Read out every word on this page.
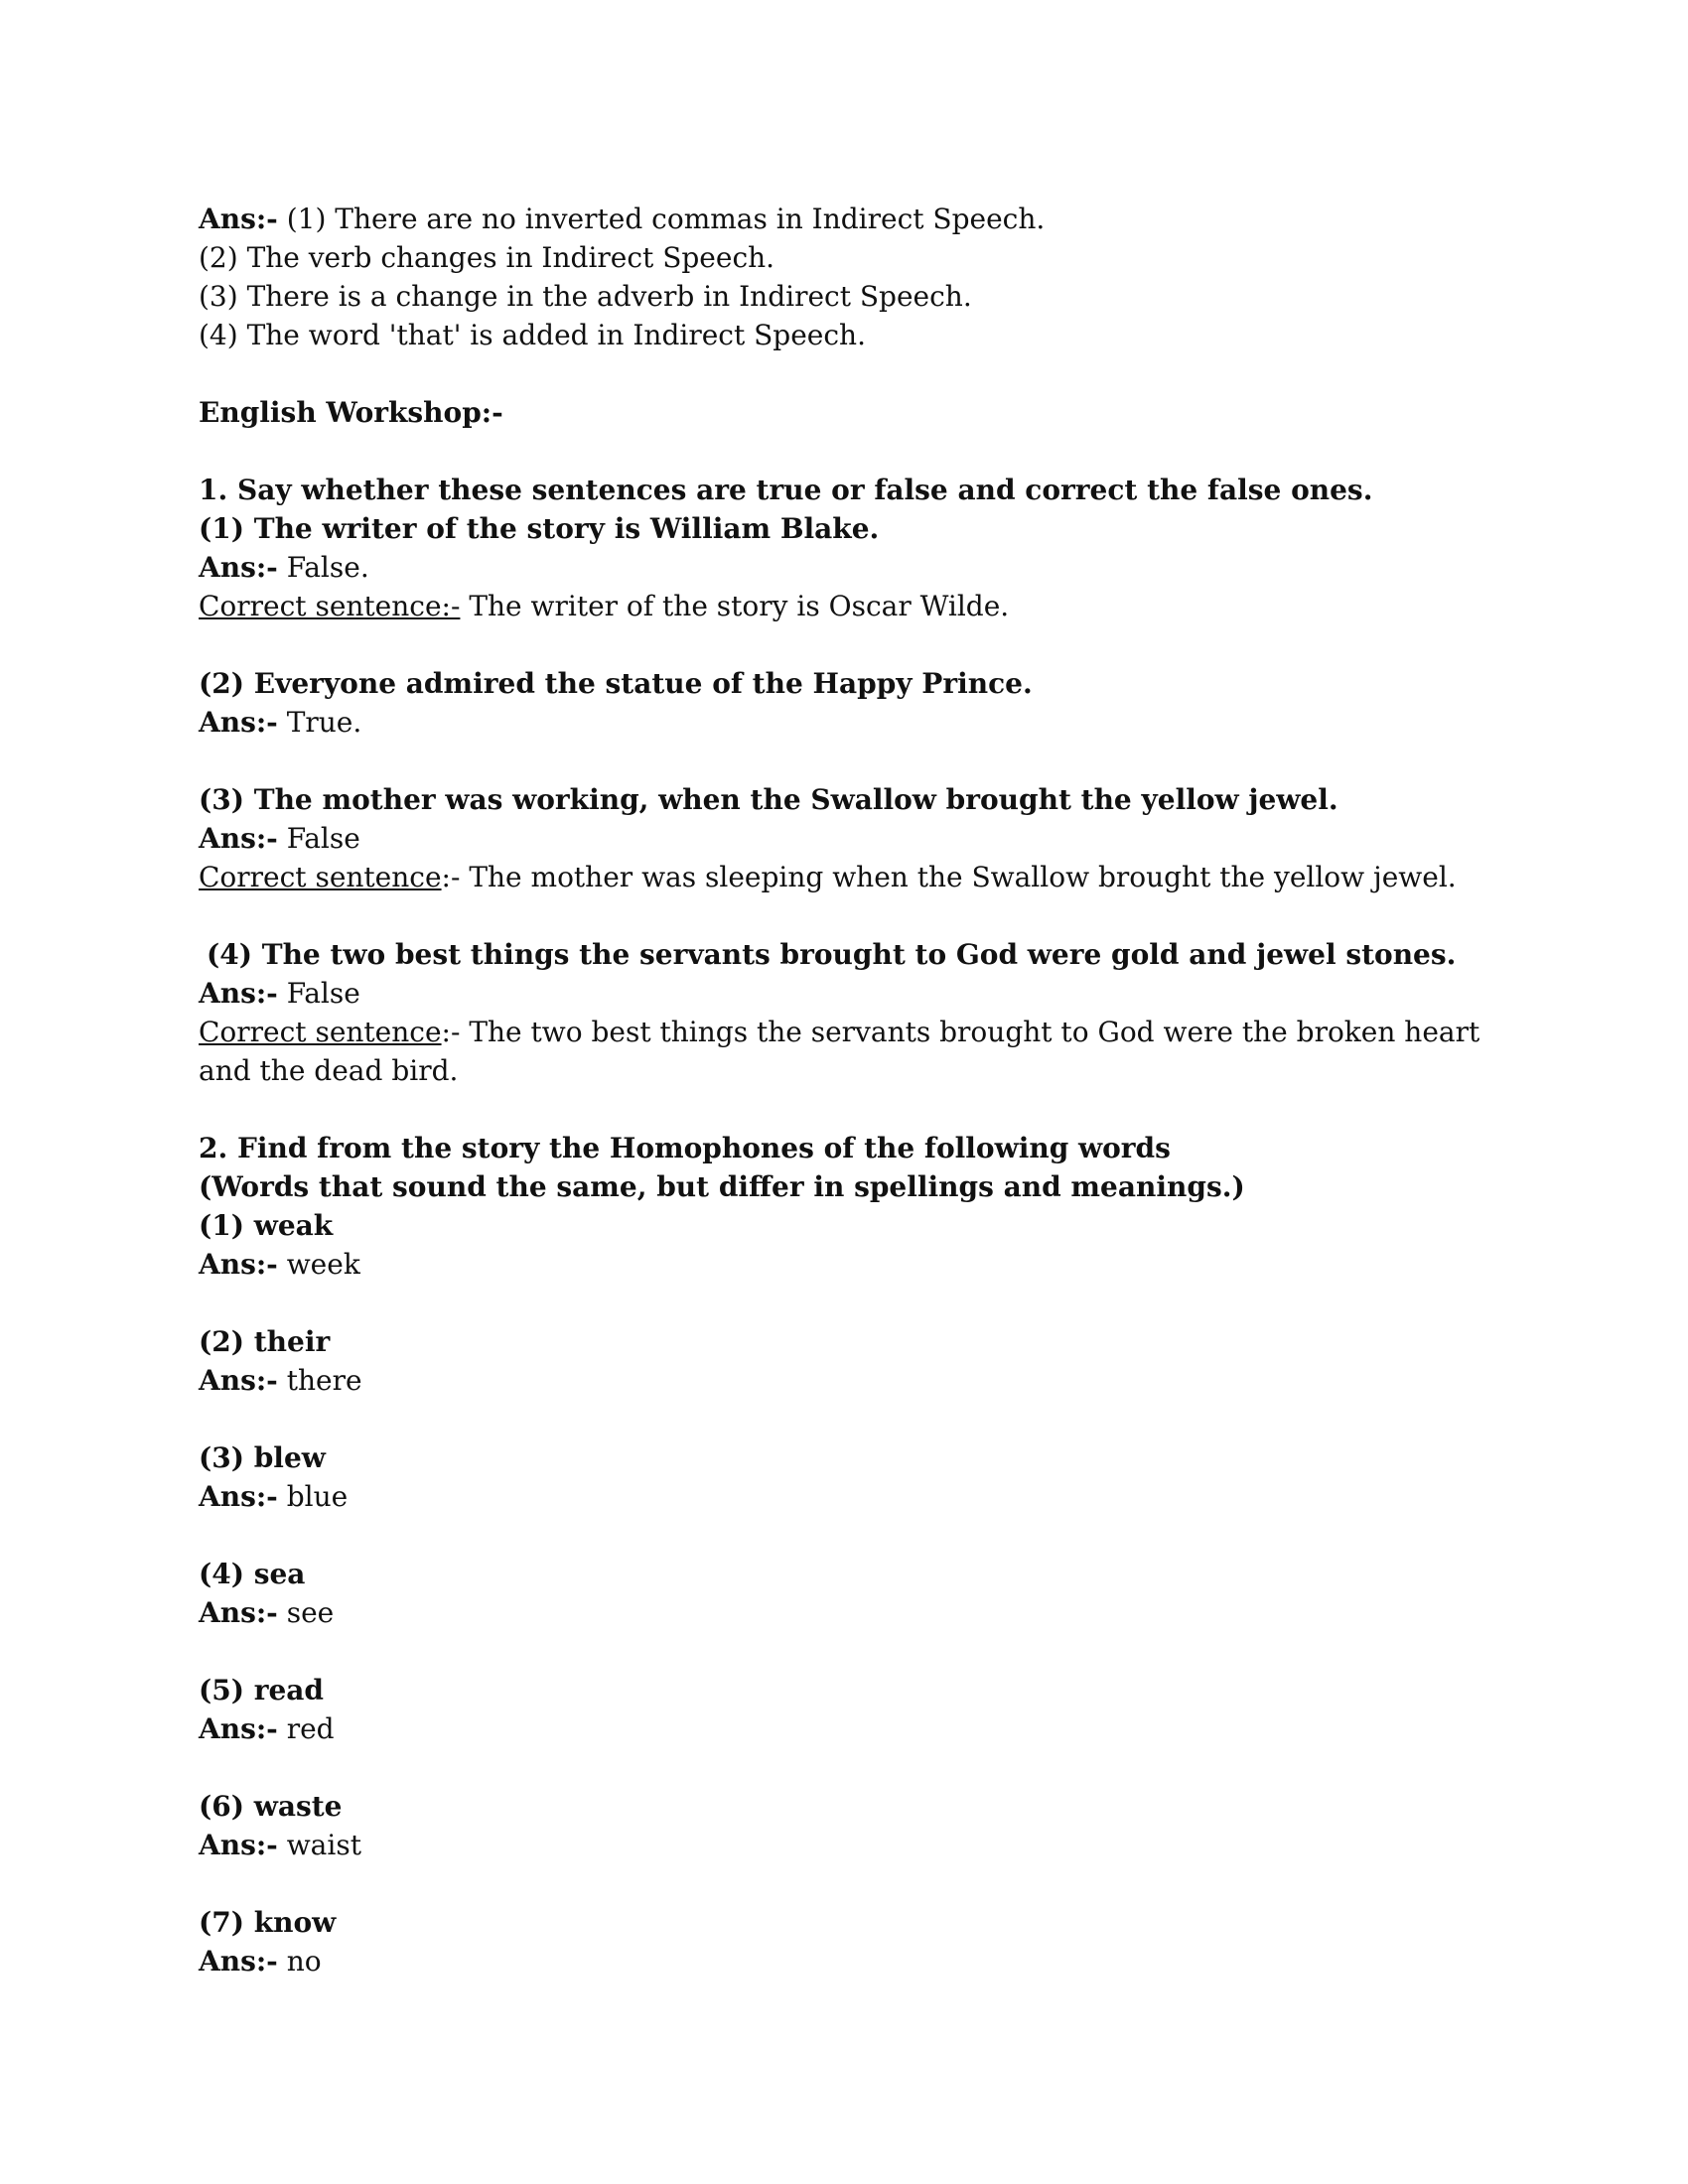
Ans:- (1) There are no inverted commas in Indirect Speech.
(2) The verb changes in Indirect Speech.
(3) There is a change in the adverb in Indirect Speech.
(4) The word 'that' is added in Indirect Speech.
English Workshop:-
1. Say whether these sentences are true or false and correct the false ones.
(1) The writer of the story is William Blake.
Ans:- False.
Correct sentence:- The writer of the story is Oscar Wilde.
(2) Everyone admired the statue of the Happy Prince.
Ans:- True.
(3) The mother was working, when the Swallow brought the yellow jewel.
Ans:- False
Correct sentence:- The mother was sleeping when the Swallow brought the yellow jewel.
(4) The two best things the servants brought to God were gold and jewel stones.
Ans:- False
Correct sentence:- The two best things the servants brought to God were the broken heart and the dead bird.
2. Find from the story the Homophones of the following words
(Words that sound the same, but differ in spellings and meanings.)
(1) weak
Ans:- week
(2) their
Ans:- there
(3) blew
Ans:- blue
(4) sea
Ans:- see
(5) read
Ans:- red
(6) waste
Ans:- waist
(7) know
Ans:- no
